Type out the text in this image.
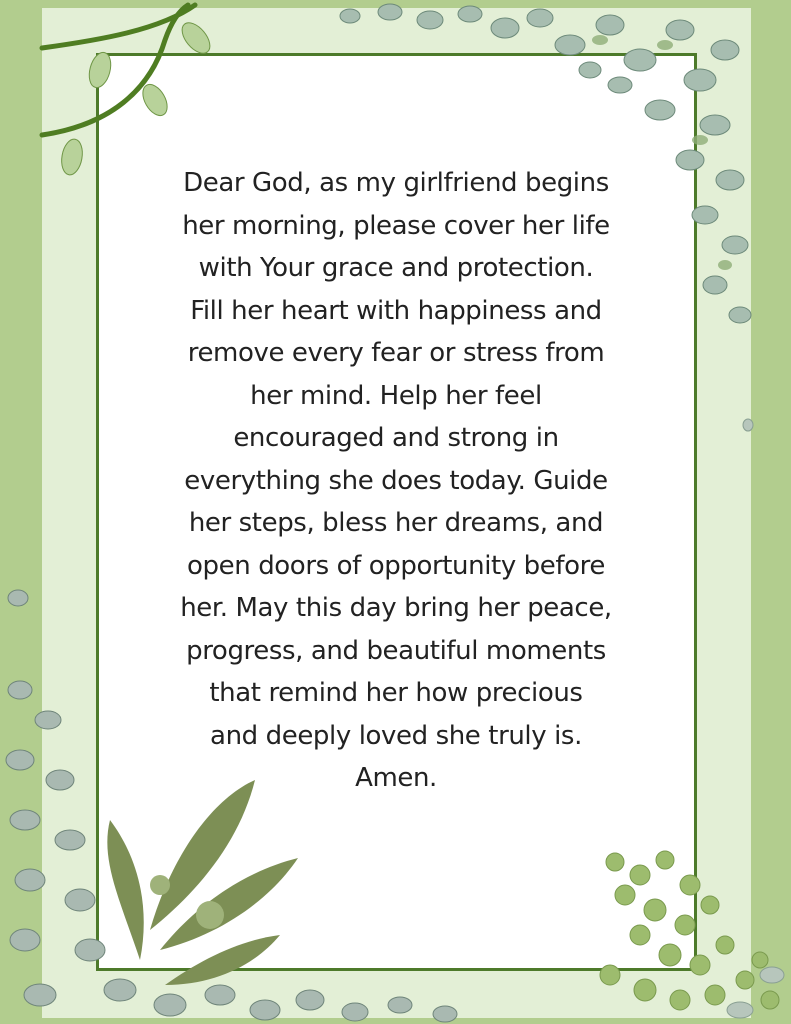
Dear God, as my girlfriend begins
her morning, please cover her life
with Your grace and protection.
Fill her heart with happiness and
remove every fear or stress from
her mind. Help her feel
encouraged and strong in
everything she does today. Guide
her steps, bless her dreams, and
open doors of opportunity before
her. May this day bring her peace,
progress, and beautiful moments
that remind her how precious
and deeply loved she truly is.
Amen.
